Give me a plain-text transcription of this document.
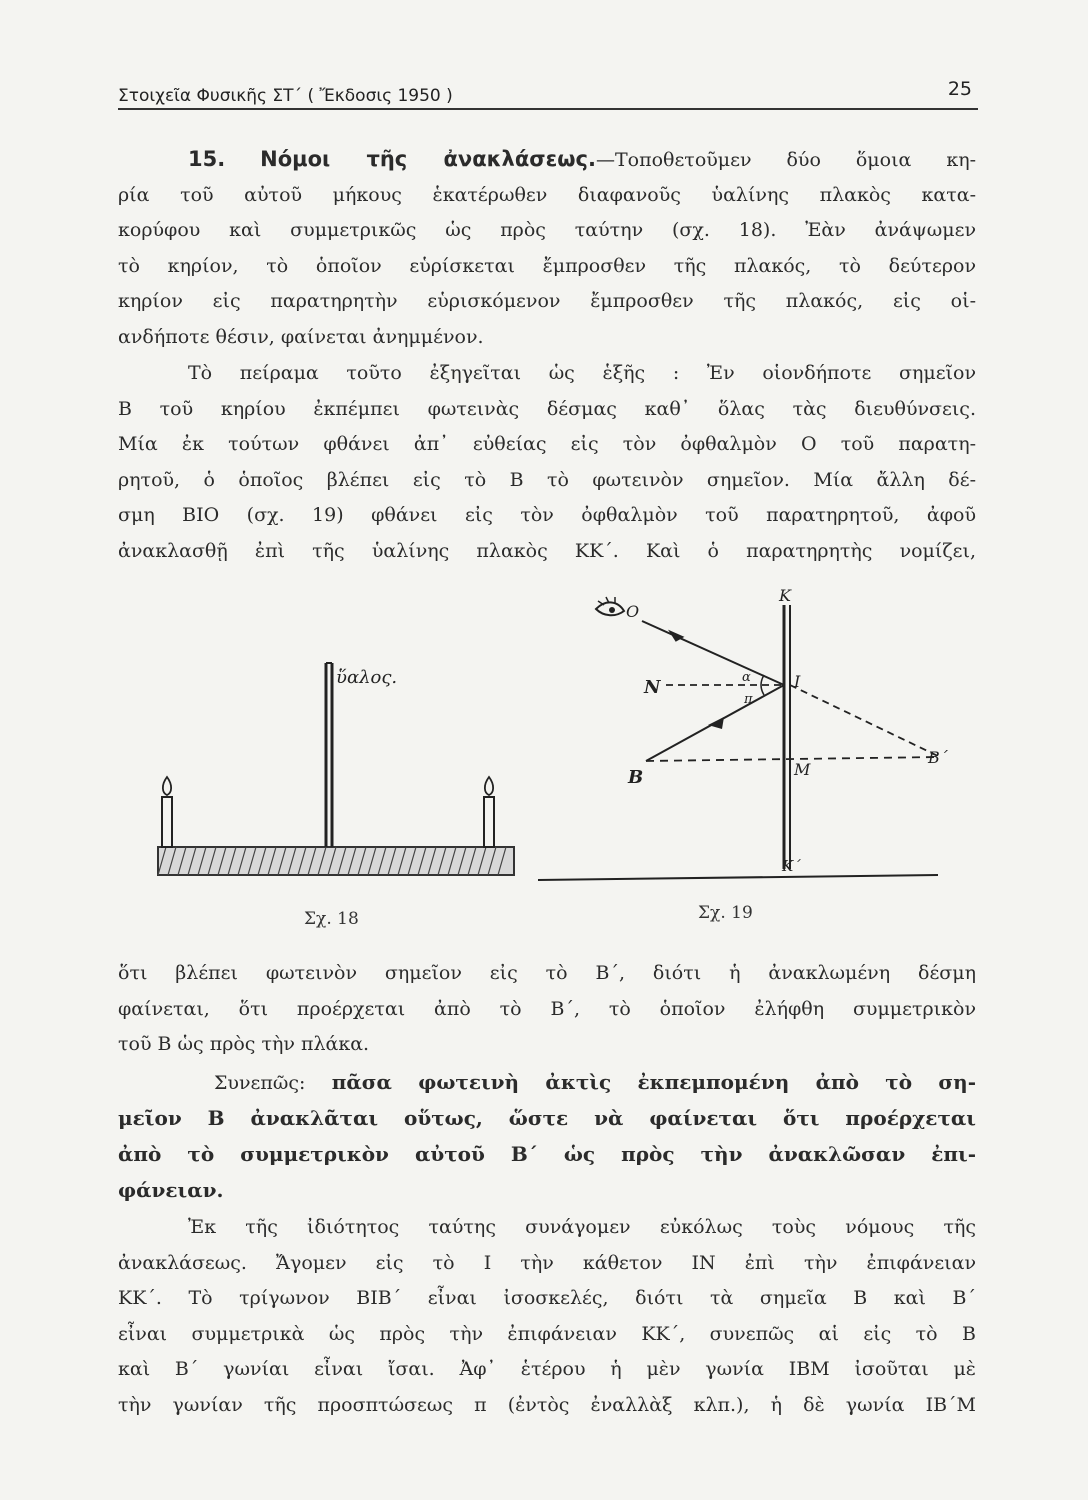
Στοιχεῖα Φυσικῆς ΣΤ΄ ( Ἔκδοσις 1950 )	25
15. Νόμοι τῆς ἀνακλάσεως.—Τοποθετοῦμεν δύο ὅμοια κη-
ρία τοῦ αὐτοῦ μήκους ἑκατέρωθεν διαφανοῦς ὑαλίνης πλακὸς κατα-
κορύφου καὶ συμμετρικῶς ὡς πρὸς ταύτην (σχ. 18). Ἐὰν ἀνάψωμεν
τὸ κηρίον, τὸ ὁποῖον εὑρίσκεται ἔμπροσθεν τῆς πλακός, τὸ δεύτερον
κηρίον εἰς παρατηρητὴν εὑρισκόμενον ἔμπροσθεν τῆς πλακός, εἰς οἱ-
ανδήποτε θέσιν, φαίνεται ἀνημμένον.
Τὸ πείραμα τοῦτο ἐξηγεῖται ὡς ἑξῆς : Ἐν οἱονδήποτε σημεῖον
Β τοῦ κηρίου ἐκπέμπει φωτεινὰς δέσμας καθ᾽ ὅλας τὰς διευθύνσεις.
Μία ἐκ τούτων φθάνει ἀπ᾽ εὐθείας εἰς τὸν ὀφθαλμὸν Ο τοῦ παρατη-
ρητοῦ, ὁ ὁποῖος βλέπει εἰς τὸ Β τὸ φωτεινὸν σημεῖον. Μία ἄλλη δέ-
σμη ΒΙΟ (σχ. 19) φθάνει εἰς τὸν ὀφθαλμὸν τοῦ παρατηρητοῦ, ἀφοῦ
ἀνακλασθῇ ἐπὶ τῆς ὑαλίνης πλακὸς ΚΚ΄. Καὶ ὁ παρατηρητὴς νομίζει,
ὕαλος.
Κ
Κ΄
O
Ν	Ι
Μ
Β
Β΄
α
π
Σχ. 18	Σχ. 19
ὅτι βλέπει φωτεινὸν σημεῖον εἰς τὸ Β΄, διότι ἡ ἀνακλωμένη δέσμη
φαίνεται, ὅτι προέρχεται ἀπὸ τὸ Β΄, τὸ ὁποῖον ἐλήφθη συμμετρικὸν
τοῦ Β ὡς πρὸς τὴν πλάκα.
Συνεπῶς: πᾶσα φωτεινὴ ἀκτὶς ἐκπεμπομένη ἀπὸ τὸ ση-
μεῖον Β ἀνακλᾶται οὕτως, ὥστε νὰ φαίνεται ὅτι προέρχεται
ἀπὸ τὸ συμμετρικὸν αὐτοῦ Β΄ ὡς πρὸς τὴν ἀνακλῶσαν ἐπι-
φάνειαν.
Ἐκ τῆς ἰδιότητος ταύτης συνάγομεν εὐκόλως τοὺς νόμους τῆς
ἀνακλάσεως. Ἄγομεν εἰς τὸ Ι τὴν κάθετον ΙΝ ἐπὶ τὴν ἐπιφάνειαν
ΚΚ΄. Τὸ τρίγωνον ΒΙΒ΄ εἶναι ἰσοσκελές, διότι τὰ σημεῖα Β καὶ Β΄
εἶναι συμμετρικὰ ὡς πρὸς τὴν ἐπιφάνειαν ΚΚ΄, συνεπῶς αἱ εἰς τὸ Β
καὶ Β΄ γωνίαι εἶναι ἴσαι. Ἀφ᾽ ἑτέρου ἡ μὲν γωνία ΙΒΜ ἰσοῦται μὲ
τὴν γωνίαν τῆς προσπτώσεως π (ἐντὸς ἐναλλὰξ κλπ.), ἡ δὲ γωνία ΙΒ΄Μ
